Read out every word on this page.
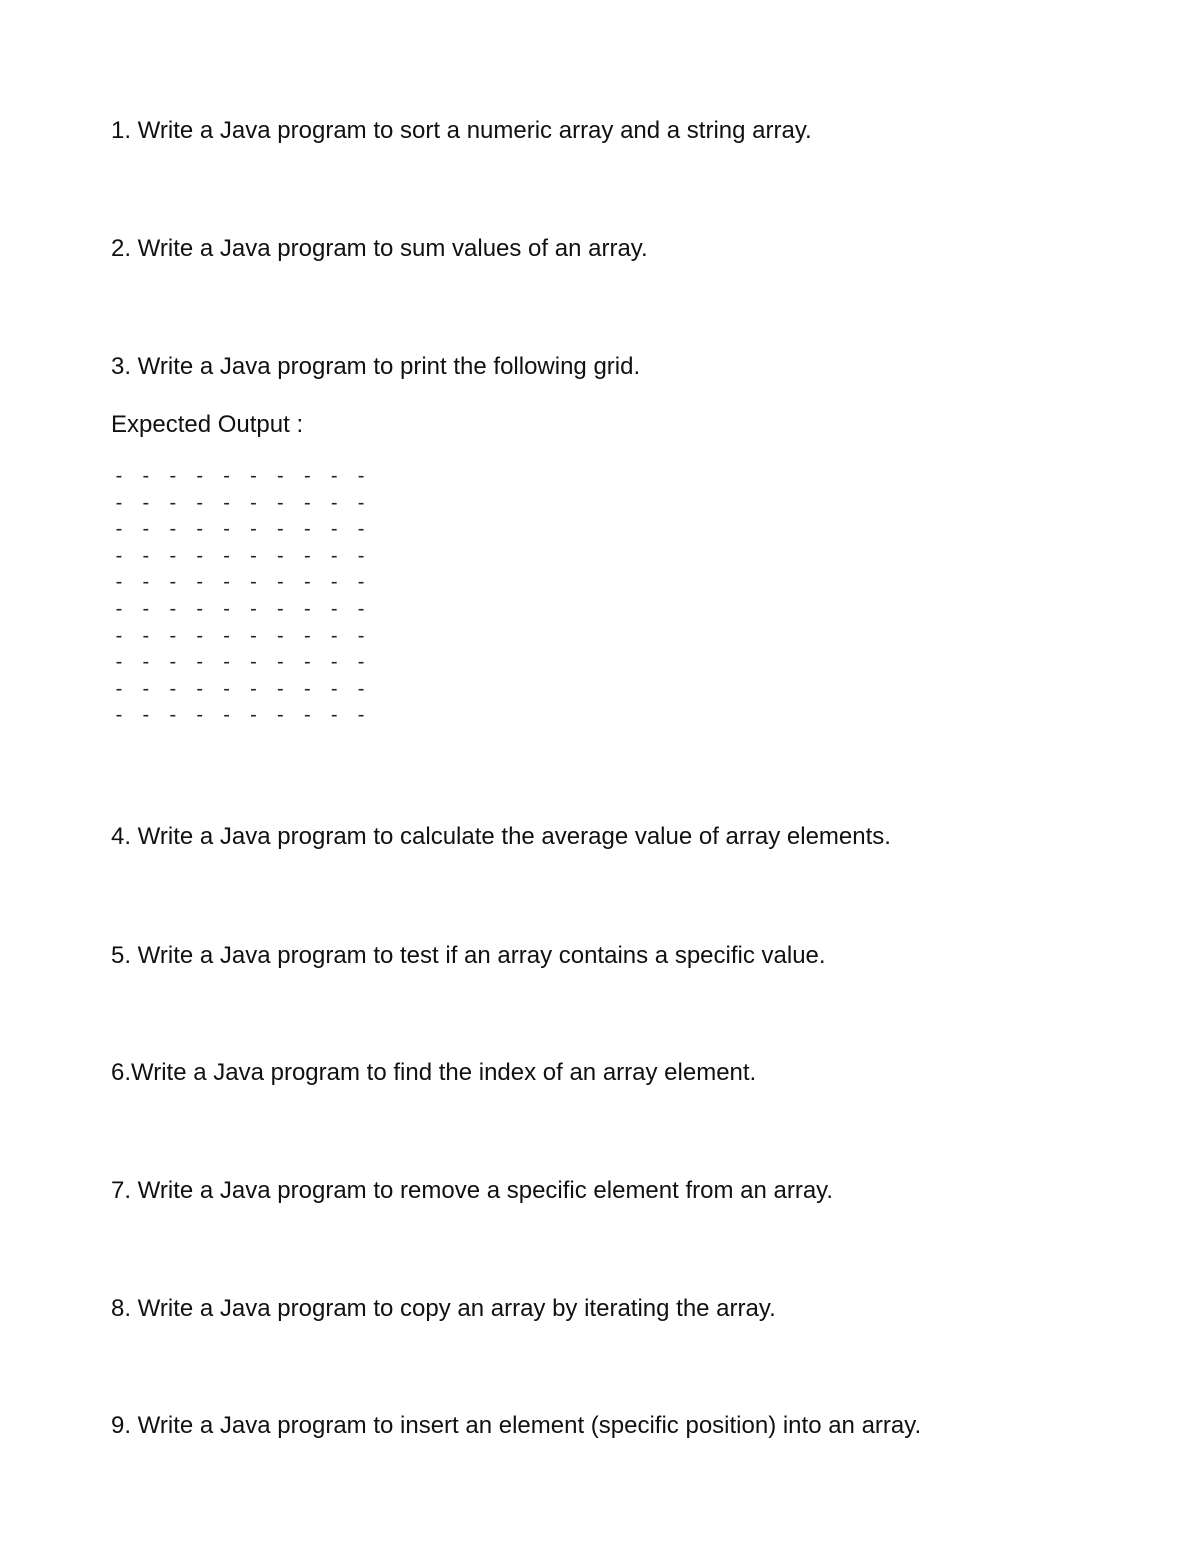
1. Write a Java program to sort a numeric array and a string array.
2. Write a Java program to sum values of an array.
3. Write a Java program to print the following grid.
Expected Output :
- - - - - - - - - -
- - - - - - - - - -
- - - - - - - - - -
- - - - - - - - - -
- - - - - - - - - -
- - - - - - - - - -
- - - - - - - - - -
- - - - - - - - - -
- - - - - - - - - -
- - - - - - - - - -
4. Write a Java program to calculate the average value of array elements.
5. Write a Java program to test if an array contains a specific value.
6.Write a Java program to find the index of an array element.
7. Write a Java program to remove a specific element from an array.
8. Write a Java program to copy an array by iterating the array.
9. Write a Java program to insert an element (specific position) into an array.
